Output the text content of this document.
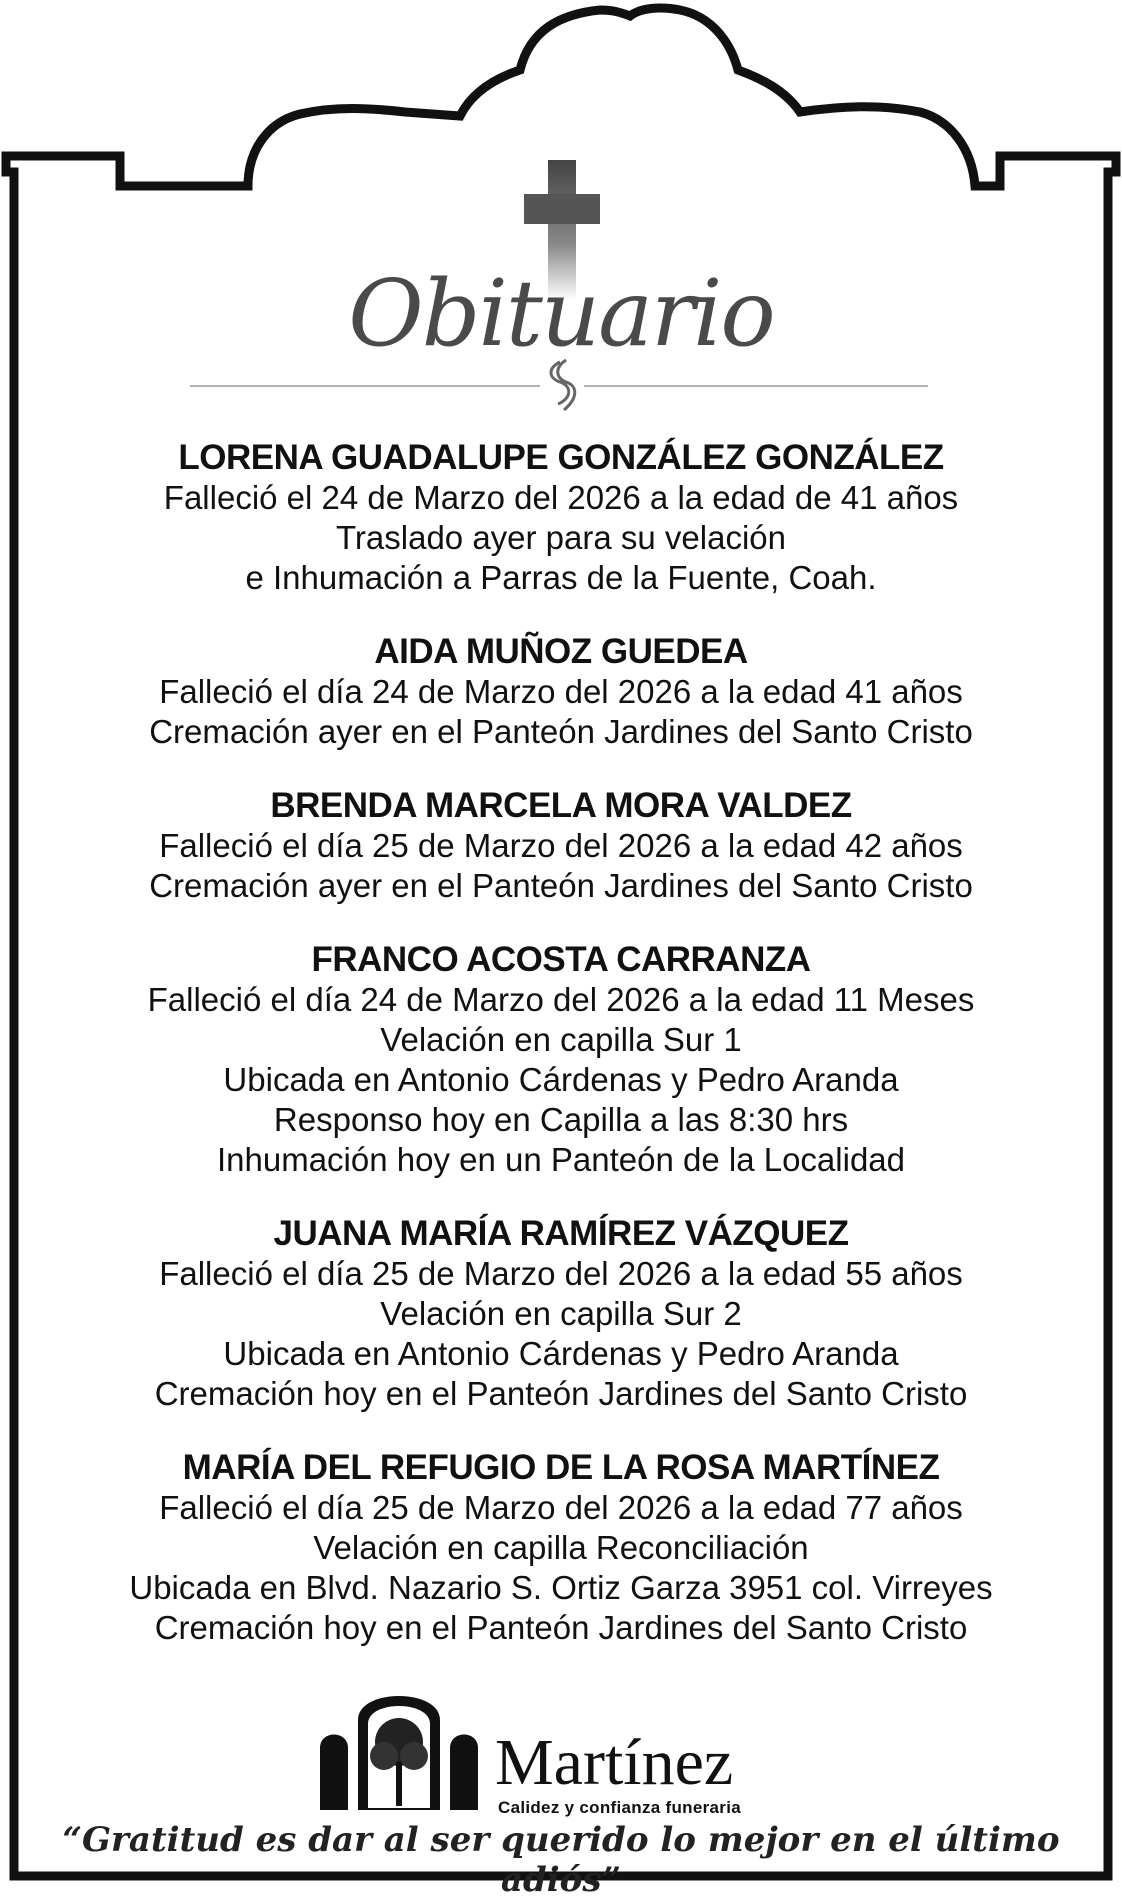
Obituario
LORENA GUADALUPE GONZÁLEZ GONZÁLEZ
Falleció el 24 de Marzo del 2026 a la edad de 41 años
Traslado ayer para su velación
e Inhumación a Parras de la Fuente, Coah.
AIDA MUÑOZ GUEDEA
Falleció el día 24 de Marzo del 2026 a la edad 41 años
Cremación ayer en el Panteón Jardines del Santo Cristo
BRENDA MARCELA MORA VALDEZ
Falleció el día 25 de Marzo del 2026 a la edad 42 años
Cremación ayer en el Panteón Jardines del Santo Cristo
FRANCO ACOSTA CARRANZA
Falleció el día 24 de Marzo del 2026 a la edad 11 Meses
Velación en capilla Sur 1
Ubicada en Antonio Cárdenas y Pedro Aranda
Responso hoy en Capilla a las 8:30 hrs
Inhumación hoy en un Panteón de la Localidad
JUANA MARÍA RAMÍREZ VÁZQUEZ
Falleció el día 25 de Marzo del 2026 a la edad 55 años
Velación en capilla Sur 2
Ubicada en Antonio Cárdenas y Pedro Aranda
Cremación hoy en el Panteón Jardines del Santo Cristo
MARÍA DEL REFUGIO DE LA ROSA MARTÍNEZ
Falleció el día 25 de Marzo del 2026 a la edad 77 años
Velación en capilla Reconciliación
Ubicada en Blvd. Nazario S. Ortiz Garza 3951 col. Virreyes
Cremación hoy en el Panteón Jardines del Santo Cristo
Martínez
Calidez y confianza funeraria
“Gratitud es dar al ser querido lo mejor en el último adiós”
